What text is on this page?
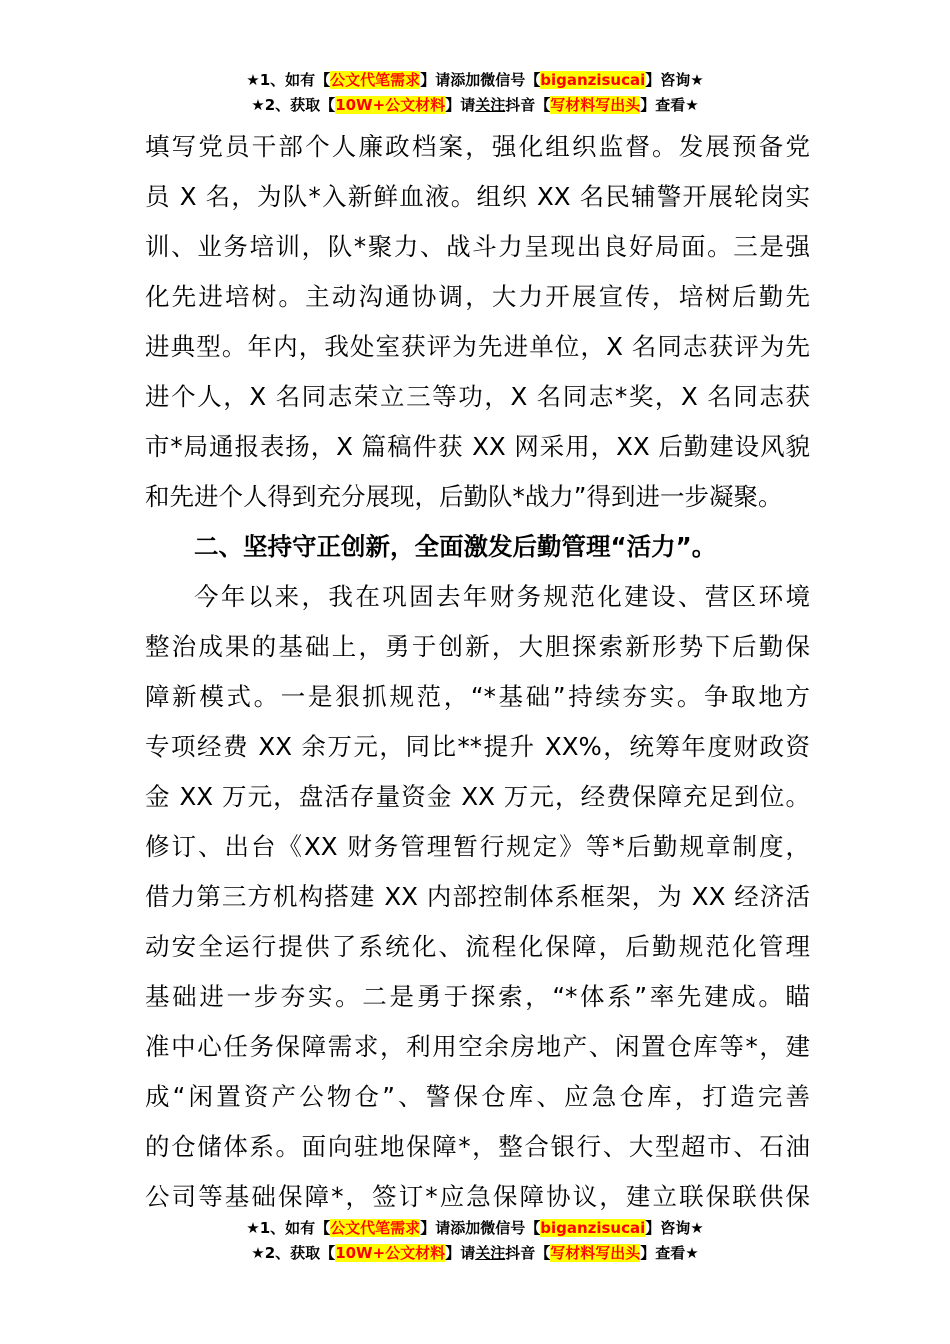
★1、如有【公文代笔需求】请添加微信号【biganzisucai】咨询★
★2、获取【10W+公文材料】请关注抖音【写材料写出头】查看★
填写党员干部个人廉政档案，强化组织监督。发展预备党
员 X 名，为队*入新鲜血液。组织 XX 名民辅警开展轮岗实
训、业务培训，队*聚力、战斗力呈现出良好局面。三是强
化先进培树。主动沟通协调，大力开展宣传，培树后勤先
进典型。年内，我处室获评为先进单位，X 名同志获评为先
进个人，X 名同志荣立三等功，X 名同志*奖，X 名同志获
市*局通报表扬，X 篇稿件获 XX 网采用，XX 后勤建设风貌
和先进个人得到充分展现，后勤队*战力”得到进一步凝聚。
二、坚持守正创新，全面激发后勤管理“活力”。
今年以来，我在巩固去年财务规范化建设、营区环境
整治成果的基础上，勇于创新，大胆探索新形势下后勤保
障新模式。一是狠抓规范，“*基础”持续夯实。争取地方
专项经费 XX 余万元，同比**提升 XX%，统筹年度财政资
金 XX 万元，盘活存量资金 XX 万元，经费保障充足到位。
修订、出台《XX 财务管理暂行规定》等*后勤规章制度，
借力第三方机构搭建 XX 内部控制体系框架，为 XX 经济活
动安全运行提供了系统化、流程化保障，后勤规范化管理
基础进一步夯实。二是勇于探索，“*体系”率先建成。瞄
准中心任务保障需求，利用空余房地产、闲置仓库等*，建
成“闲置资产公物仓”、警保仓库、应急仓库，打造完善
的仓储体系。面向驻地保障*，整合银行、大型超市、石油
公司等基础保障*，签订*应急保障协议，建立联保联供保
★1、如有【公文代笔需求】请添加微信号【biganzisucai】咨询★
★2、获取【10W+公文材料】请关注抖音【写材料写出头】查看★
